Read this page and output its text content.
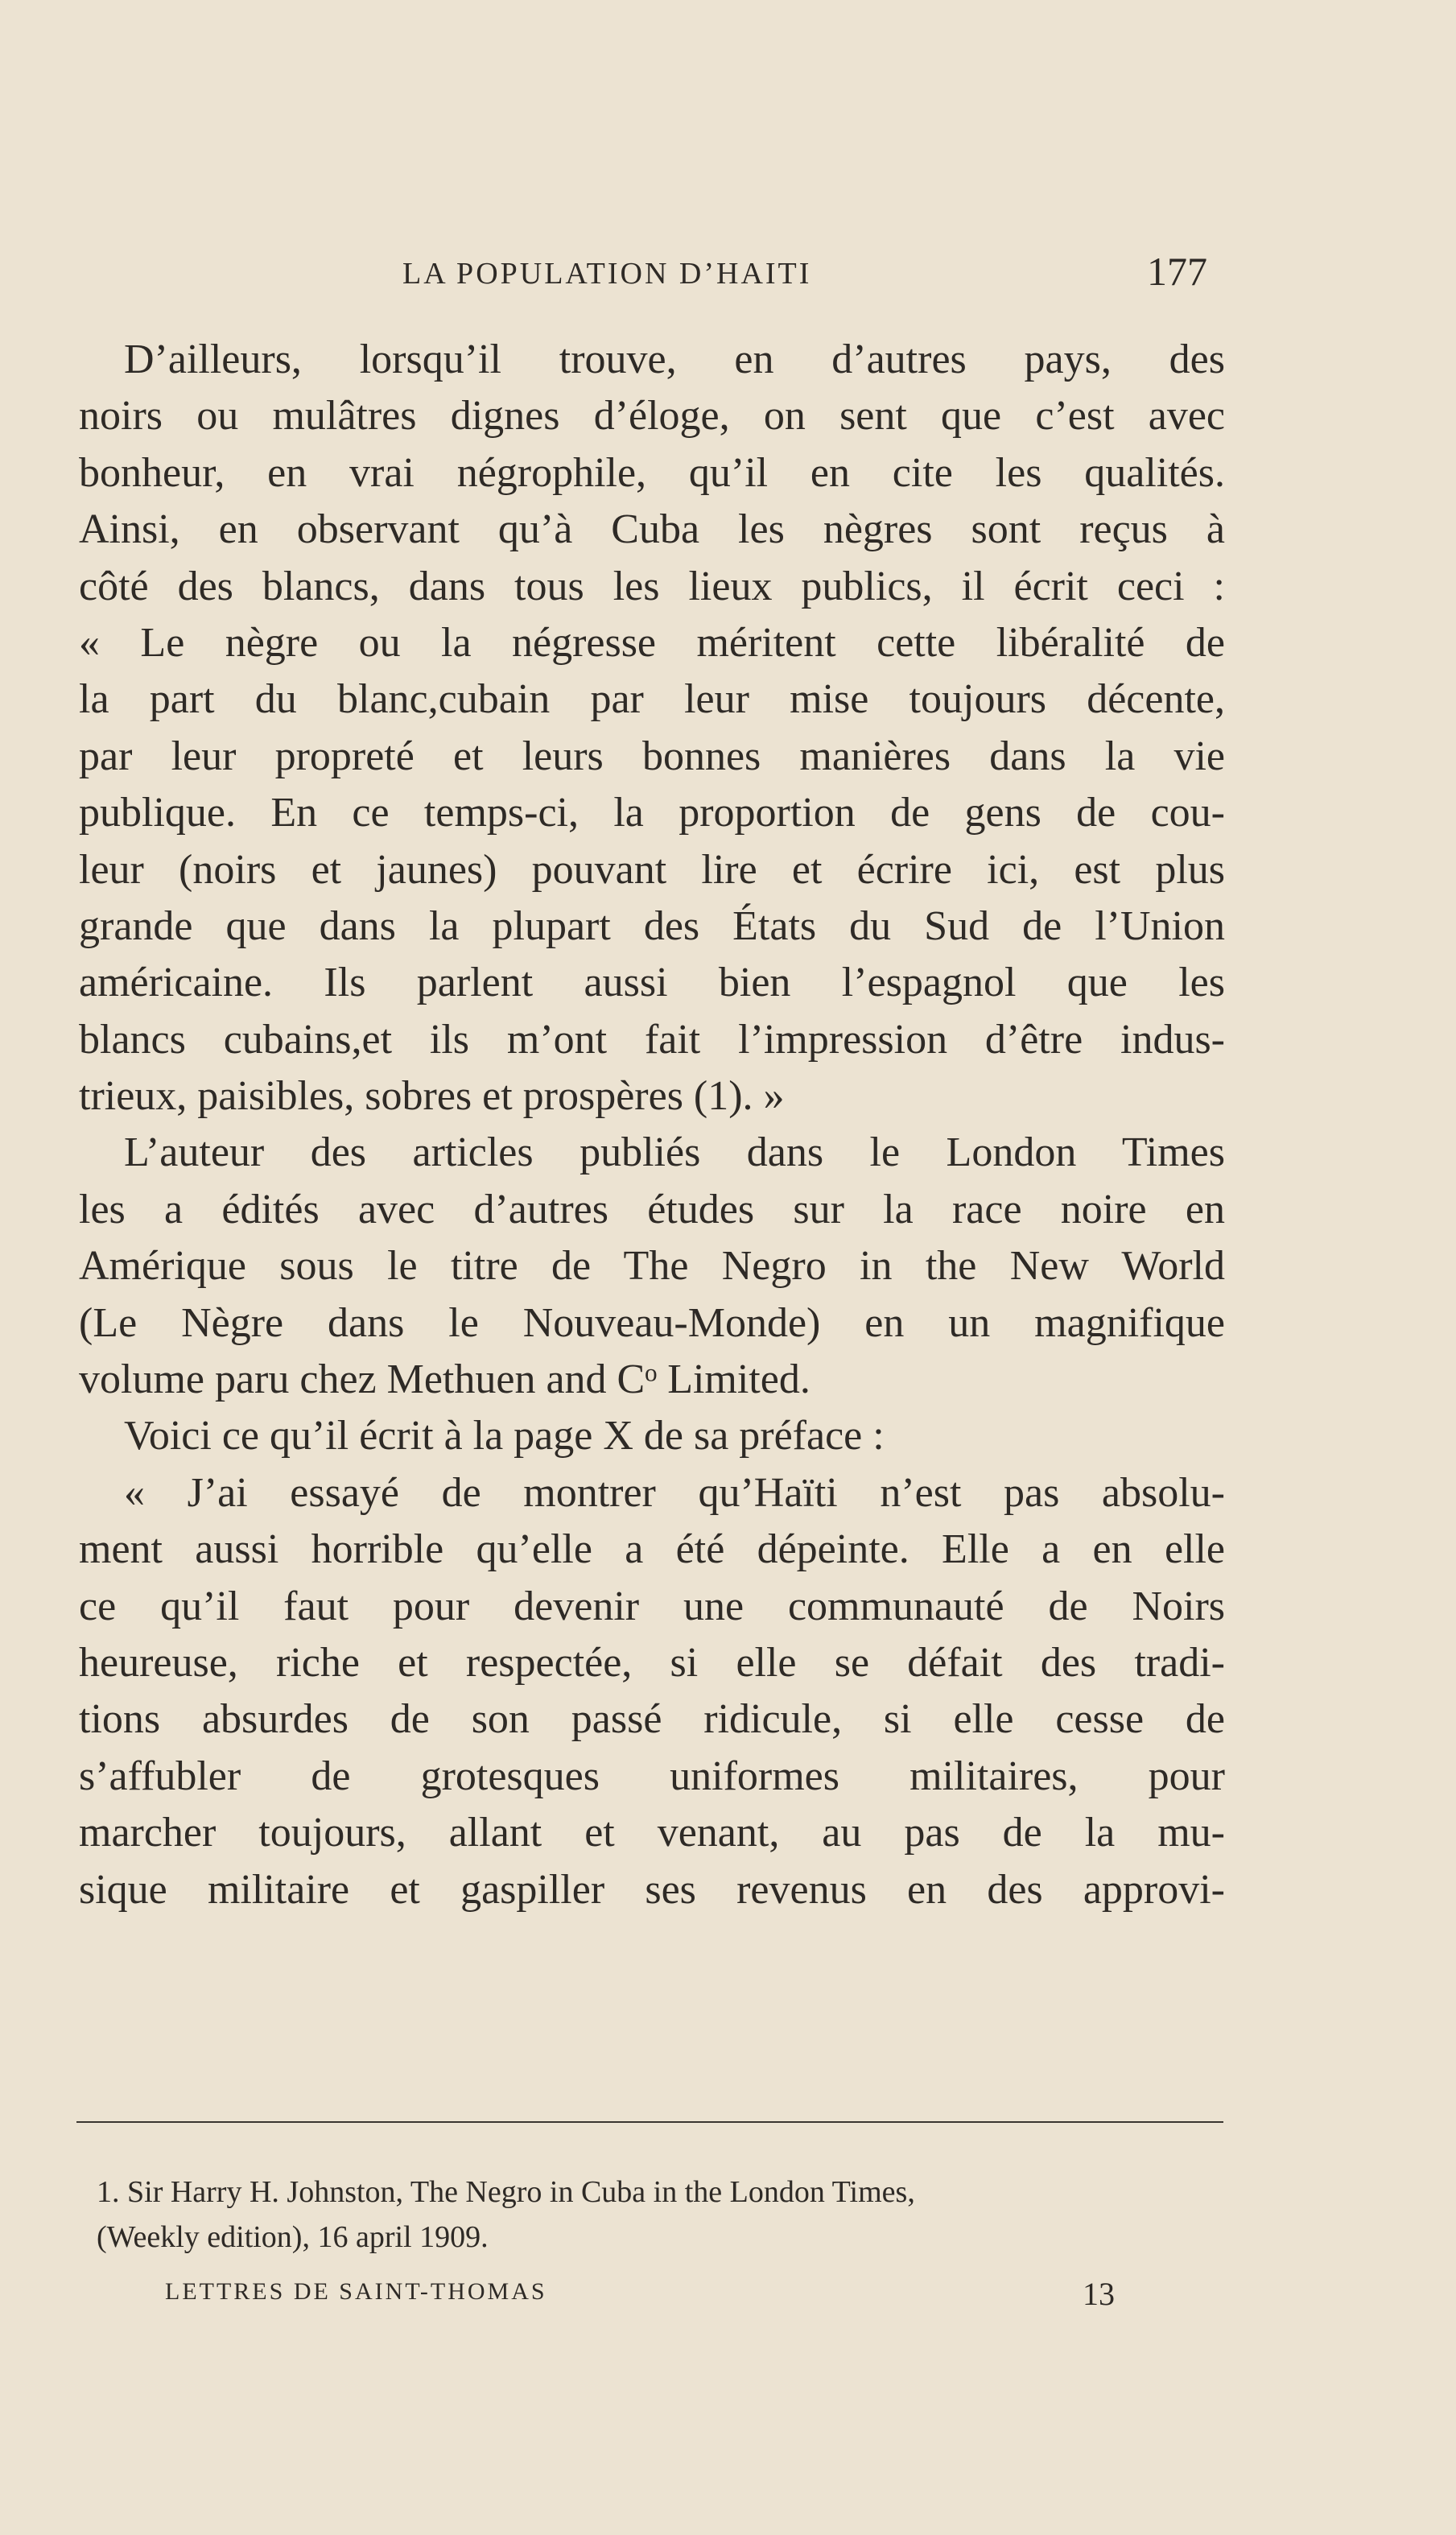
LA POPULATION D’HAITI	177
D’ailleurs, lorsqu’il trouve, en d’autres pays, des
noirs ou mulâtres dignes d’éloge, on sent que c’est avec
bonheur, en vrai négrophile, qu’il en cite les qualités.
Ainsi, en observant qu’à Cuba les nègres sont reçus à
côté des blancs, dans tous les lieux publics, il écrit ceci :
« Le nègre ou la négresse méritent cette libéralité de
la part du blanc,cubain par leur mise toujours décente,
par leur propreté et leurs bonnes manières dans la vie
publique. En ce temps-ci, la proportion de gens de cou-
leur (noirs et jaunes) pouvant lire et écrire ici, est plus
grande que dans la plupart des États du Sud de l’Union
américaine. Ils parlent aussi bien l’espagnol que les
blancs cubains,et ils m’ont fait l’impression d’être indus-
trieux, paisibles, sobres et prospères (1). »
L’auteur des articles publiés dans le London Times
les a édités avec d’autres études sur la race noire en
Amérique sous le titre de The Negro in the New World
(Le Nègre dans le Nouveau-Monde) en un magnifique
volume paru chez Methuen and Cᵒ Limited.
Voici ce qu’il écrit à la page X de sa préface :
« J’ai essayé de montrer qu’Haïti n’est pas absolu-
ment aussi horrible qu’elle a été dépeinte. Elle a en elle
ce qu’il faut pour devenir une communauté de Noirs
heureuse, riche et respectée, si elle se défait des tradi-
tions absurdes de son passé ridicule, si elle cesse de
s’affubler de grotesques uniformes militaires, pour
marcher toujours, allant et venant, au pas de la mu-
sique militaire et gaspiller ses revenus en des approvi-
1. Sir Harry H. Johnston, The Negro in Cuba in the London Times,
(Weekly edition), 16 april 1909.
LETTRES DE SAINT-THOMAS	13
